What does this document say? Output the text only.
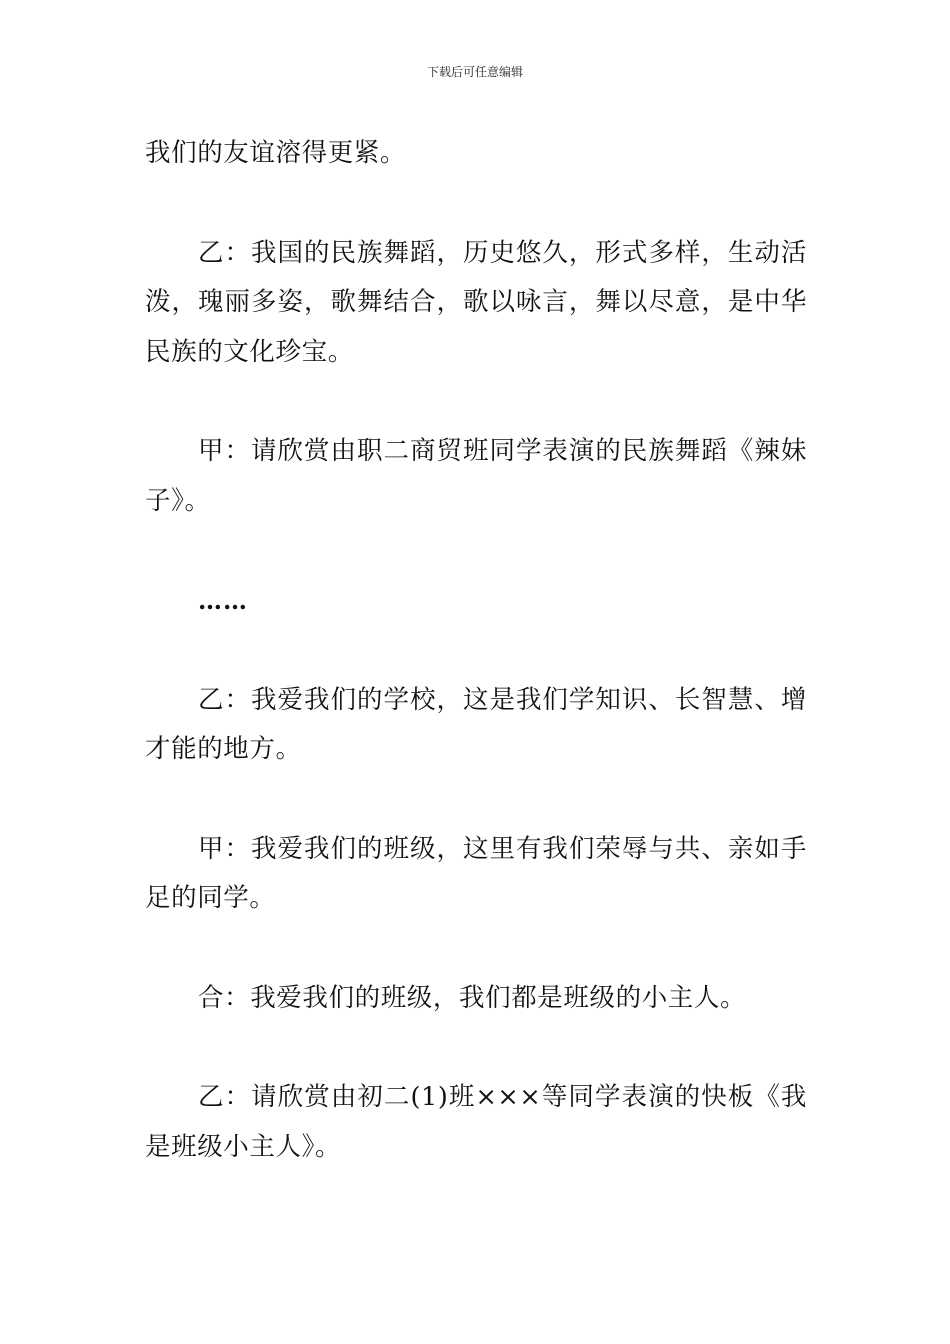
下载后可任意编辑

我们的友谊溶得更紧。

乙：我国的民族舞蹈，历史悠久，形式多样，生动活泼，瑰丽多姿，歌舞结合，歌以咏言，舞以尽意，是中华民族的文化珍宝。

甲：请欣赏由职二商贸班同学表演的民族舞蹈《辣妹子》。

……

乙：我爱我们的学校，这是我们学知识、长智慧、增才能的地方。

甲：我爱我们的班级，这里有我们荣辱与共、亲如手足的同学。

合：我爱我们的班级，我们都是班级的小主人。

乙：请欣赏由初二(1)班×××等同学表演的快板《我是班级小主人》。
